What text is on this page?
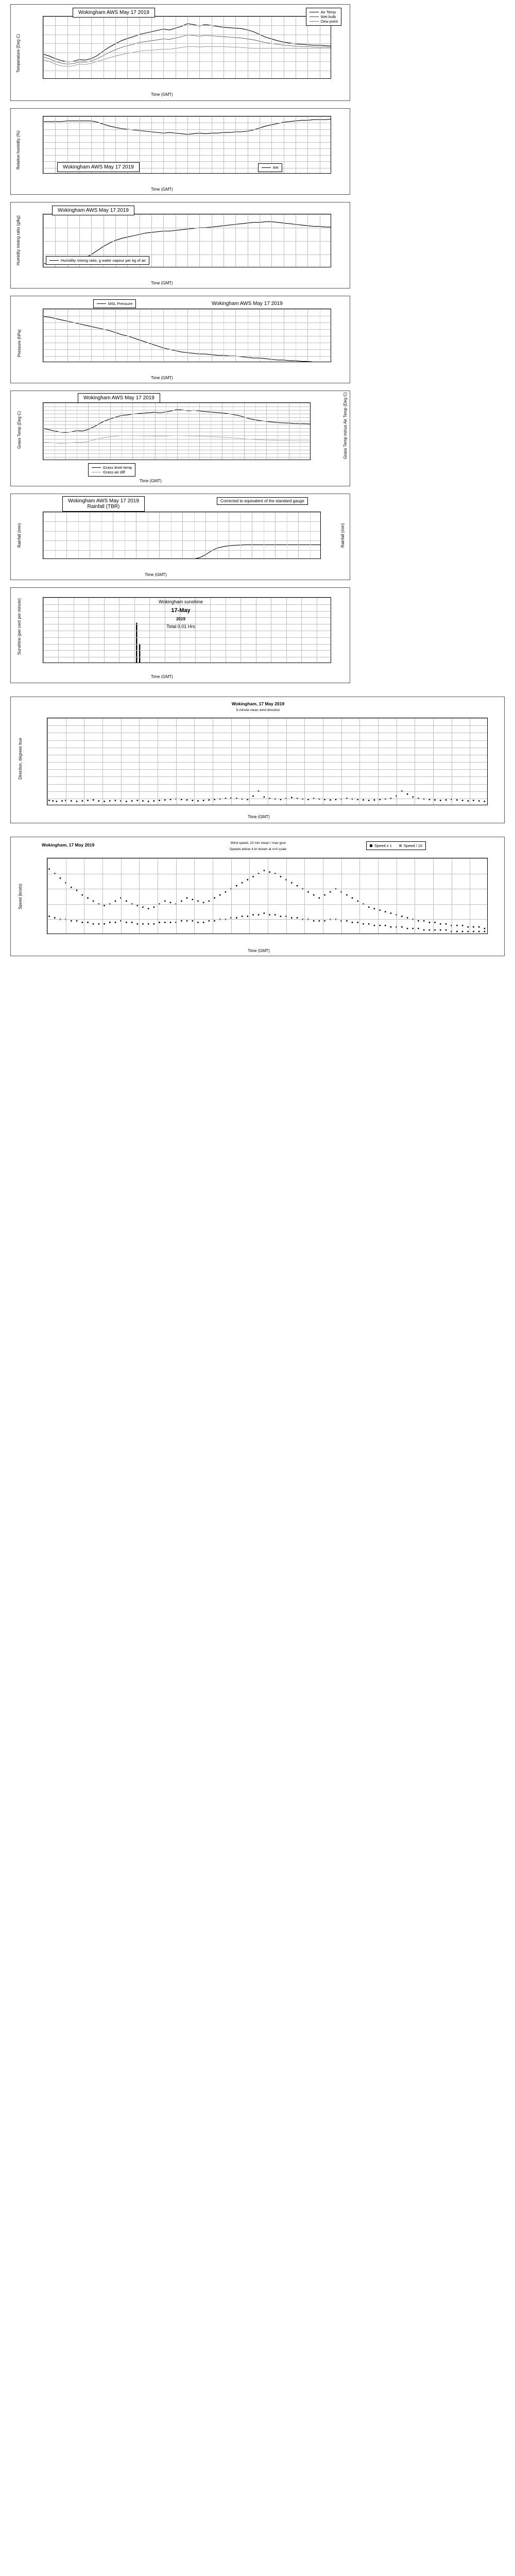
Wokingham AWS May 17 2019	Air Temp
Wet bulb
Dew point
Temperature (Deg C)
Time (GMT)
Wokingham AWS May 17 2019	RH
Relative humidity (%)
Time (GMT)
Wokingham AWS May 17 2019
Humidity mixing ratio, g water vapour per kg of air
Humidity mixing ratio (g/kg)
Time (GMT)
MSL Pressure	Wokingham AWS May 17 2019
Pressure (hPa)
Time (GMT)
Wokingham AWS May 17 2019
Grass level temp
Grass-air diff
Grass Temp (Deg C)	Grass Temp minus Air Temp (Deg C)
Time (GMT)
Wokingham AWS May 17 2019
Rainfall (TBR)
Corrected to equivalent of the standard gauge
Rainfall (mm)	Rainfall (mm)
Time (GMT)
Wokingham sunshine
17-May
2019
Total 0.01 Hrs
Sunshine (per cent per minute)
Time (GMT)
Wokingham, 17 May 2019
5-minute mean wind direction
Direction, degrees true
Time (GMT)
Wokingham, 17 May 2019	Wind speed, 10 min mean / max gust
Speeds below 4 kt shown at x=0 scale
Speed x 1	Speed / 10
Speed (knots)
Time (GMT)
